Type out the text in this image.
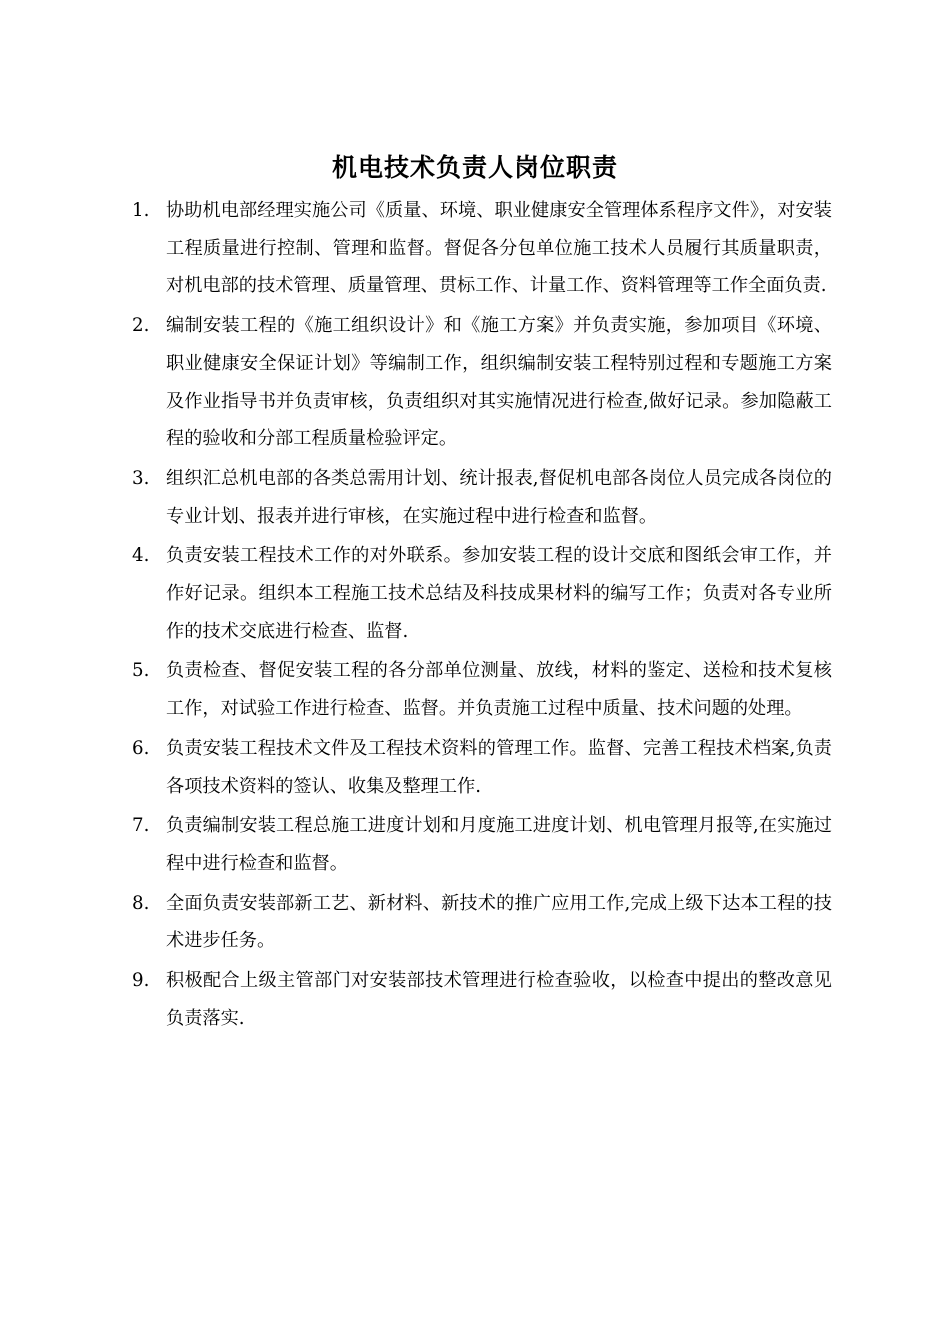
机电技术负责人岗位职责
1. 协助机电部经理实施公司《质量、环境、职业健康安全管理体系程序文件》，对安装工程质量进行控制、管理和监督。督促各分包单位施工技术人员履行其质量职责，对机电部的技术管理、质量管理、贯标工作、计量工作、资料管理等工作全面负责.
2. 编制安装工程的《施工组织设计》和《施工方案》并负责实施，参加项目《环境、职业健康安全保证计划》等编制工作，组织编制安装工程特别过程和专题施工方案及作业指导书并负责审核，负责组织对其实施情况进行检查,做好记录。参加隐蔽工程的验收和分部工程质量检验评定。
3. 组织汇总机电部的各类总需用计划、统计报表,督促机电部各岗位人员完成各岗位的专业计划、报表并进行审核，在实施过程中进行检查和监督。
4. 负责安装工程技术工作的对外联系。参加安装工程的设计交底和图纸会审工作，并作好记录。组织本工程施工技术总结及科技成果材料的编写工作；负责对各专业所作的技术交底进行检查、监督.
5. 负责检查、督促安装工程的各分部单位测量、放线，材料的鉴定、送检和技术复核工作，对试验工作进行检查、监督。并负责施工过程中质量、技术问题的处理。
6. 负责安装工程技术文件及工程技术资料的管理工作。监督、完善工程技术档案,负责各项技术资料的签认、收集及整理工作.
7. 负责编制安装工程总施工进度计划和月度施工进度计划、机电管理月报等,在实施过程中进行检查和监督。
8. 全面负责安装部新工艺、新材料、新技术的推广应用工作,完成上级下达本工程的技术进步任务。
9. 积极配合上级主管部门对安装部技术管理进行检查验收，以检查中提出的整改意见负责落实.
